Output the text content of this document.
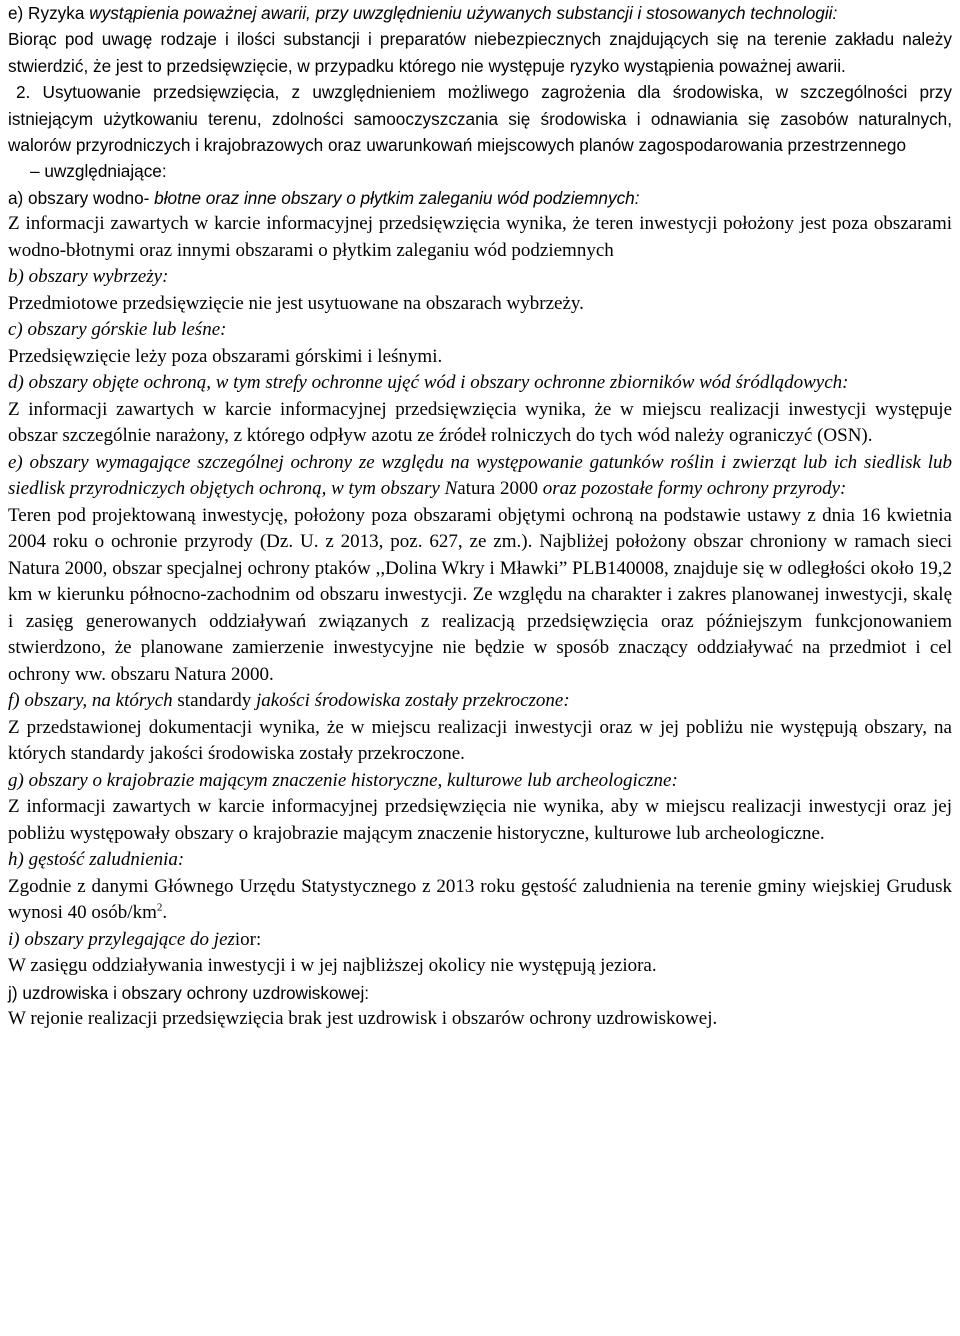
e) Ryzyka wystąpienia poważnej awarii, przy uwzględnieniu używanych substancji i stosowanych technologii:

Biorąc pod uwagę rodzaje i ilości substancji i preparatów niebezpiecznych znajdujących się na terenie zakładu należy stwierdzić, że jest to przedsięwzięcie, w przypadku którego nie występuje ryzyko wystąpienia poważnej awarii.

2. Usytuowanie przedsięwzięcia, z uwzględnieniem możliwego zagrożenia dla środowiska, w szczególności przy istniejącym użytkowaniu terenu, zdolności samooczyszczania się środowiska i odnawiania się zasobów naturalnych, walorów przyrodniczych i krajobrazowych oraz uwarunkowań miejscowych planów zagospodarowania przestrzennego

– uwzględniające:

a) obszary wodno- błotne oraz inne obszary o płytkim zaleganiu wód podziemnych:

Z informacji zawartych w karcie informacyjnej przedsięwzięcia wynika, że teren inwestycji położony jest poza obszarami wodno-błotnymi oraz innymi obszarami o płytkim zaleganiu wód podziemnych

b) obszary wybrzeży:

Przedmiotowe przedsięwzięcie nie jest usytuowane na obszarach wybrzeży.

c) obszary górskie lub leśne:

Przedsięwzięcie leży poza obszarami górskimi i leśnymi.

d) obszary objęte ochroną, w tym strefy ochronne ujęć wód i obszary ochronne zbiorników wód śródlądowych:

Z informacji zawartych w karcie informacyjnej przedsięwzięcia wynika, że w miejscu realizacji inwestycji występuje obszar szczególnie narażony, z którego odpływ azotu ze źródeł rolniczych do tych wód należy ograniczyć (OSN).

e) obszary wymagające szczególnej ochrony ze względu na występowanie gatunków roślin i zwierząt lub ich siedlisk lub siedlisk przyrodniczych objętych ochroną, w tym obszary Natura 2000 oraz pozostałe formy ochrony przyrody:

Teren pod projektowaną inwestycję, położony poza obszarami objętymi ochroną na podstawie ustawy z dnia 16 kwietnia 2004 roku o ochronie przyrody (Dz. U. z 2013, poz. 627, ze zm.). Najbliżej położony obszar chroniony w ramach sieci Natura 2000, obszar specjalnej ochrony ptaków ,,Dolina Wkry i Mławki” PLB140008, znajduje się w odległości około 19,2 km w kierunku północno-zachodnim od obszaru inwestycji. Ze względu na charakter i zakres planowanej inwestycji, skalę i zasięg generowanych oddziaływań związanych z realizacją przedsięwzięcia oraz późniejszym funkcjonowaniem stwierdzono, że planowane zamierzenie inwestycyjne nie będzie w sposób znaczący oddziaływać na przedmiot i cel ochrony ww. obszaru Natura 2000.

f) obszary, na których standardy jakości środowiska zostały przekroczone:

Z przedstawionej dokumentacji wynika, że w miejscu realizacji inwestycji oraz w jej pobliżu nie występują obszary, na których standardy jakości środowiska zostały przekroczone.

g) obszary o krajobrazie mającym znaczenie historyczne, kulturowe lub archeologiczne:

Z informacji zawartych w karcie informacyjnej przedsięwzięcia nie wynika, aby w miejscu realizacji inwestycji oraz jej pobliżu występowały obszary o krajobrazie mającym znaczenie historyczne, kulturowe lub archeologiczne.

h) gęstość zaludnienia:

Zgodnie z danymi Głównego Urzędu Statystycznego z 2013 roku gęstość zaludnienia na terenie gminy wiejskiej Grudusk wynosi 40 osób/$km^2$.

i) obszary przylegające do jezior:

W zasięgu oddziaływania inwestycji i w jej najbliższej okolicy nie występują jeziora.

j) uzdrowiska i obszary ochrony uzdrowiskowej:

W rejonie realizacji przedsięwzięcia brak jest uzdrowisk i obszarów ochrony uzdrowiskowej.
